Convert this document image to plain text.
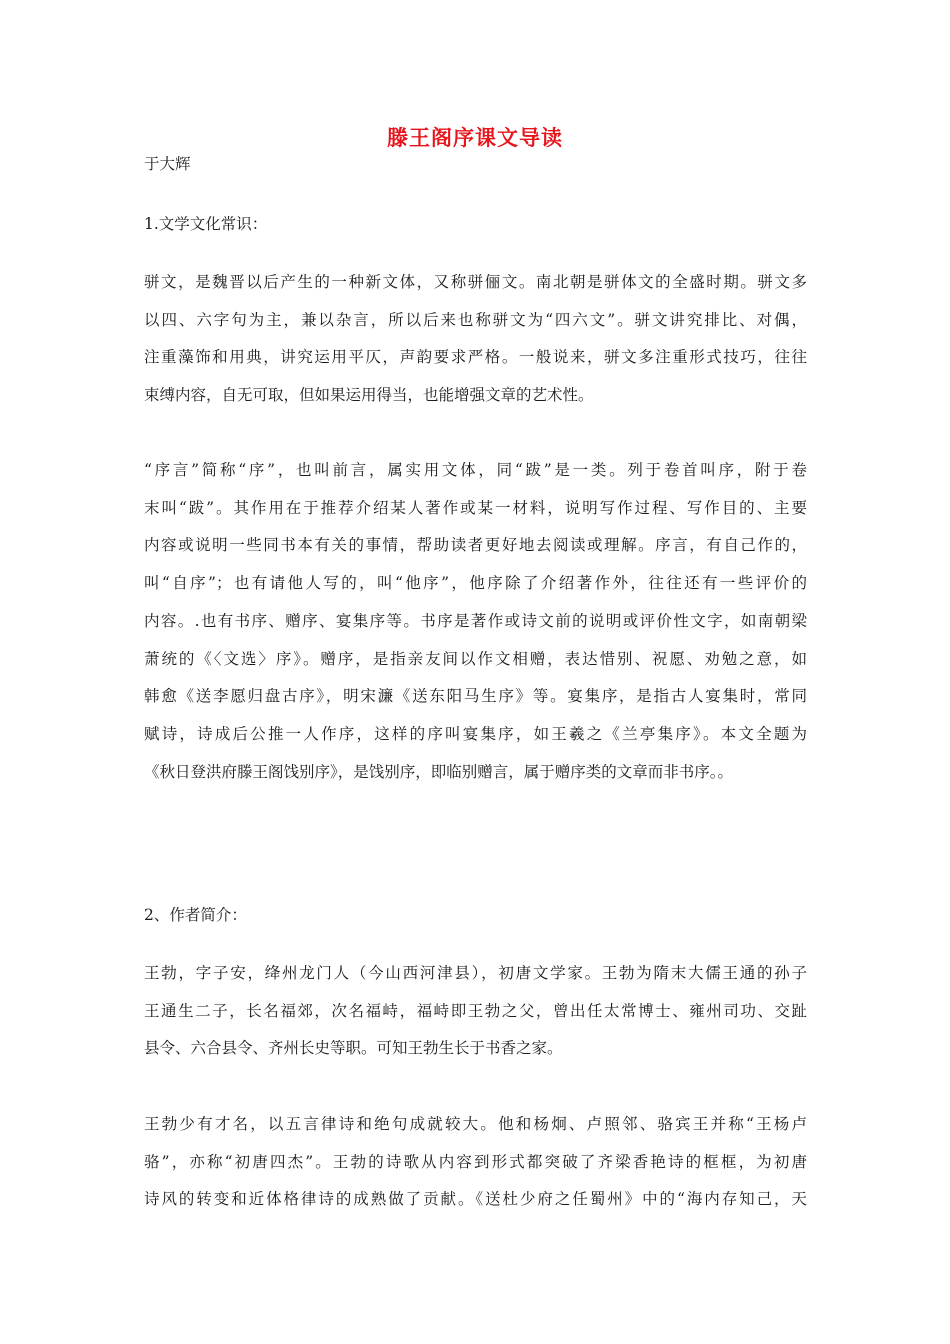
滕王阁序课文导读
于大辉
1.文学文化常识：
骈文，是魏晋以后产生的一种新文体，又称骈俪文。南北朝是骈体文的全盛时期。骈文多
以四、六字句为主，兼以杂言，所以后来也称骈文为“四六文”。骈文讲究排比、对偶，
注重藻饰和用典，讲究运用平仄，声韵要求严格。一般说来，骈文多注重形式技巧，往往
束缚内容，自无可取，但如果运用得当，也能增强文章的艺术性。
“序言”简称“序”，也叫前言，属实用文体，同“跋”是一类。列于卷首叫序，附于卷
末叫“跋”。其作用在于推荐介绍某人著作或某一材料，说明写作过程、写作目的、主要
内容或说明一些同书本有关的事情，帮助读者更好地去阅读或理解。序言，有自己作的，
叫“自序”；也有请他人写的，叫“他序”，他序除了介绍著作外，往往还有一些评价的
内容。.也有书序、赠序、宴集序等。书序是著作或诗文前的说明或评价性文字，如南朝梁
萧统的《〈文选〉序》。赠序，是指亲友间以作文相赠，表达惜别、祝愿、劝勉之意，如
韩愈《送李愿归盘古序》，明宋濂《送东阳马生序》等。宴集序，是指古人宴集时，常同
赋诗，诗成后公推一人作序，这样的序叫宴集序，如王羲之《兰亭集序》。本文全题为
《秋日登洪府滕王阁饯别序》，是饯别序，即临别赠言，属于赠序类的文章而非书序。。
2、作者简介：
王勃，字子安，绛州龙门人（今山西河津县），初唐文学家。王勃为隋末大儒王通的孙子
王通生二子，长名福郊，次名福峙，福峙即王勃之父，曾出任太常博士、雍州司功、交趾
县令、六合县令、齐州长史等职。可知王勃生长于书香之家。
王勃少有才名，以五言律诗和绝句成就较大。他和杨炯、卢照邻、骆宾王并称“王杨卢
骆”，亦称“初唐四杰”。王勃的诗歌从内容到形式都突破了齐梁香艳诗的框框，为初唐
诗风的转变和近体格律诗的成熟做了贡献。《送杜少府之任蜀州》中的“海内存知己，天
